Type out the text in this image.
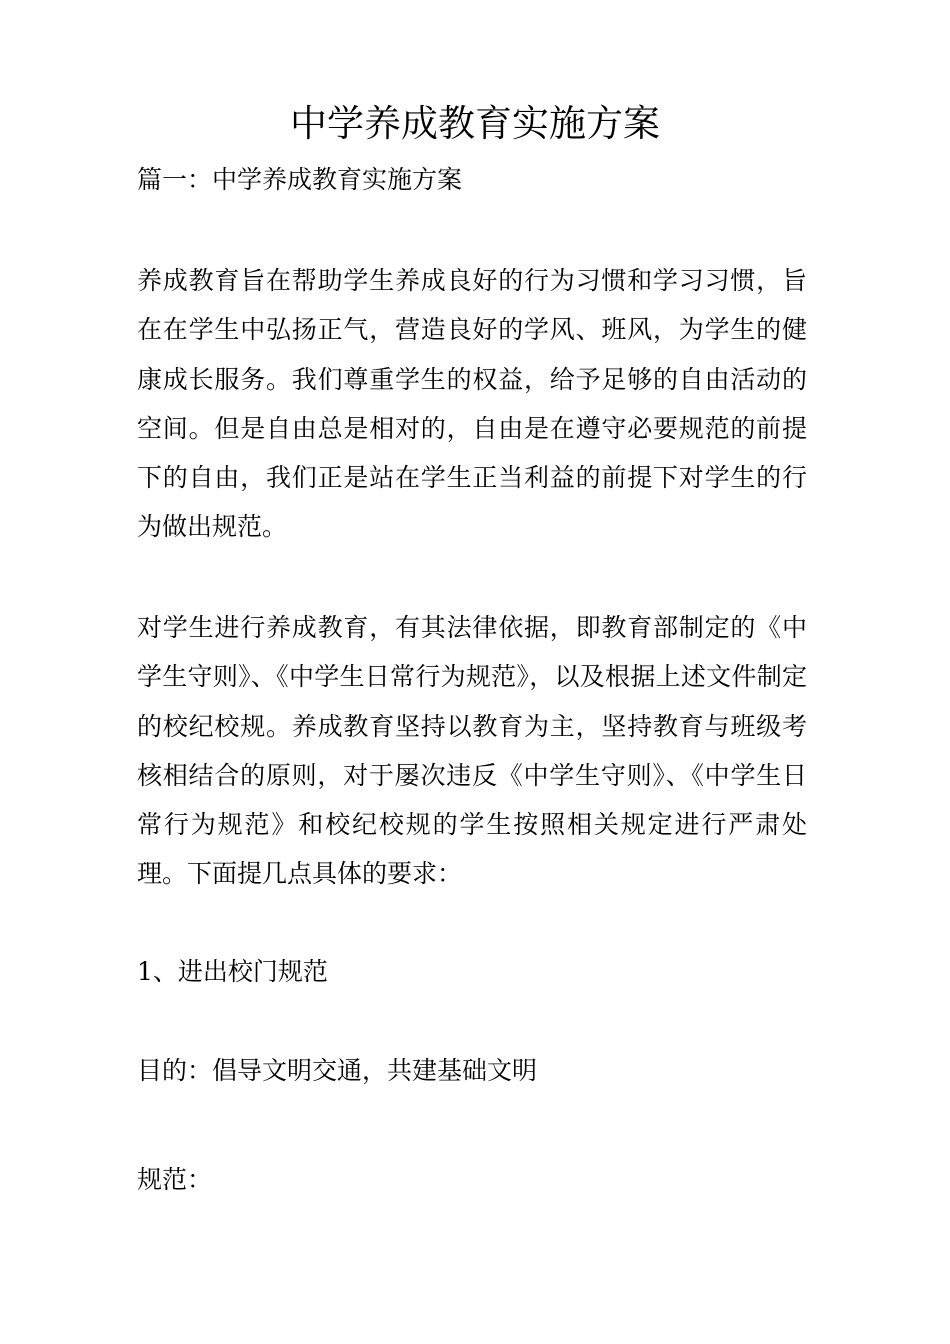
中学养成教育实施方案

篇一：中学养成教育实施方案

养成教育旨在帮助学生养成良好的行为习惯和学习习惯，旨在在学生中弘扬正气，营造良好的学风、班风，为学生的健康成长服务。我们尊重学生的权益，给予足够的自由活动的空间。但是自由总是相对的，自由是在遵守必要规范的前提下的自由，我们正是站在学生正当利益的前提下对学生的行为做出规范。

对学生进行养成教育，有其法律依据，即教育部制定的《中学生守则》、《中学生日常行为规范》，以及根据上述文件制定的校纪校规。养成教育坚持以教育为主，坚持教育与班级考核相结合的原则，对于屡次违反《中学生守则》、《中学生日常行为规范》和校纪校规的学生按照相关规定进行严肃处理。下面提几点具体的要求：

1、进出校门规范

目的：倡导文明交通，共建基础文明

规范：
